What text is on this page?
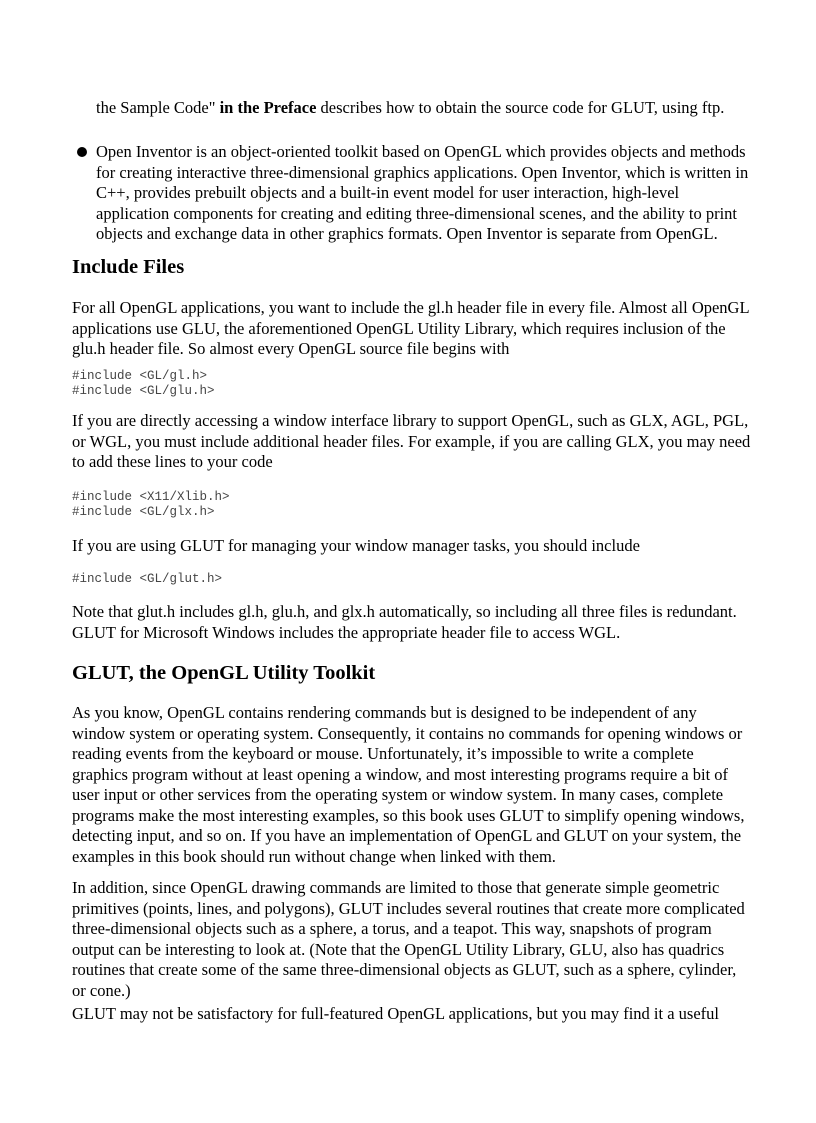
the Sample Code" in the Preface describes how to obtain the source code for GLUT, using ftp.

Open Inventor is an object-oriented toolkit based on OpenGL which provides objects and methods for creating interactive three-dimensional graphics applications. Open Inventor, which is written in C++, provides prebuilt objects and a built-in event model for user interaction, high-level application components for creating and editing three-dimensional scenes, and the ability to print objects and exchange data in other graphics formats. Open Inventor is separate from OpenGL.
Include Files

For all OpenGL applications, you want to include the gl.h header file in every file. Almost all OpenGL applications use GLU, the aforementioned OpenGL Utility Library, which requires inclusion of the glu.h header file. So almost every OpenGL source file begins with

#include <GL/gl.h>
#include <GL/glu.h>

If you are directly accessing a window interface library to support OpenGL, such as GLX, AGL, PGL, or WGL, you must include additional header files. For example, if you are calling GLX, you may need to add these lines to your code

#include <X11/Xlib.h>
#include <GL/glx.h>

If you are using GLUT for managing your window manager tasks, you should include

#include <GL/glut.h>

Note that glut.h includes gl.h, glu.h, and glx.h automatically, so including all three files is redundant. GLUT for Microsoft Windows includes the appropriate header file to access WGL.

GLUT, the OpenGL Utility Toolkit

As you know, OpenGL contains rendering commands but is designed to be independent of any window system or operating system. Consequently, it contains no commands for opening windows or reading events from the keyboard or mouse. Unfortunately, it’s impossible to write a complete graphics program without at least opening a window, and most interesting programs require a bit of user input or other services from the operating system or window system. In many cases, complete programs make the most interesting examples, so this book uses GLUT to simplify opening windows, detecting input, and so on. If you have an implementation of OpenGL and GLUT on your system, the examples in this book should run without change when linked with them.

In addition, since OpenGL drawing commands are limited to those that generate simple geometric primitives (points, lines, and polygons), GLUT includes several routines that create more complicated three-dimensional objects such as a sphere, a torus, and a teapot. This way, snapshots of program output can be interesting to look at. (Note that the OpenGL Utility Library, GLU, also has quadrics routines that create some of the same three-dimensional objects as GLUT, such as a sphere, cylinder, or cone.)

GLUT may not be satisfactory for full-featured OpenGL applications, but you may find it a useful
